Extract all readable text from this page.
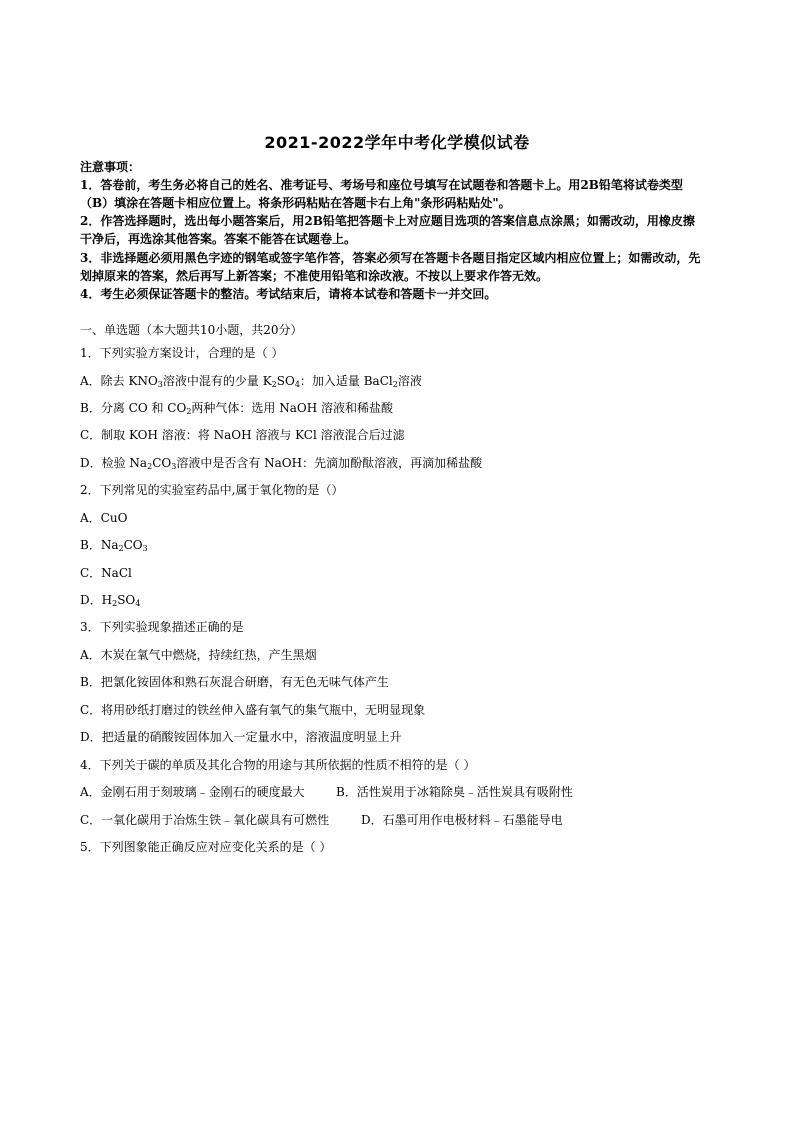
2021-2022学年中考化学模似试卷
注意事项：
1．答卷前，考生务必将自己的姓名、准考证号、考场号和座位号填写在试题卷和答题卡上。用2B铅笔将试卷类型
（B）填涂在答题卡相应位置上。将条形码粘贴在答题卡右上角"条形码粘贴处"。
2．作答选择题时，选出每小题答案后，用2B铅笔把答题卡上对应题目选项的答案信息点涂黑；如需改动，用橡皮擦
干净后，再选涂其他答案。答案不能答在试题卷上。
3．非选择题必须用黑色字迹的钢笔或签字笔作答，答案必须写在答题卡各题目指定区域内相应位置上；如需改动，先
划掉原来的答案，然后再写上新答案；不准使用铅笔和涂改液。不按以上要求作答无效。
4．考生必须保证答题卡的整洁。考试结束后，请将本试卷和答题卡一并交回。
一、单选题（本大题共10小题，共20分）
1．下列实验方案设计，合理的是（ ）
A．除去 $KNO_3$溶液中混有的少量 $K_2SO_4$：加入适量 BaCl$_2$溶液
B．分离 CO 和 $CO_2$两种气体：选用 NaOH 溶液和稀盐酸
C．制取 KOH 溶液：将 NaOH 溶液与 KCl 溶液混合后过滤
D．检验 $Na_2CO_3$溶液中是否含有 NaOH：先滴加酚酞溶液，再滴加稀盐酸
2．下列常见的实验室药品中,属于氧化物的是（）
A．CuO
B．$Na_2CO_3$
C．NaCl
D．$H_2SO_4$
3．下列实验现象描述正确的是
A．木炭在氧气中燃烧，持续红热，产生黑烟
B．把氯化铵固体和熟石灰混合研磨，有无色无味气体产生
C．将用砂纸打磨过的铁丝伸入盛有氧气的集气瓶中，无明显现象
D．把适量的硝酸铵固体加入一定量水中，溶液温度明显上升
4．下列关于碳的单质及其化合物的用途与其所依据的性质不相符的是（ ）
A．金刚石用于刻玻璃﹣金刚石的硬度最大	B．活性炭用于冰箱除臭﹣活性炭具有吸附性
C．一氧化碳用于冶炼生铁﹣氧化碳具有可燃性	D．石墨可用作电极材料﹣石墨能导电
5．下列图象能正确反应对应变化关系的是（ ）
